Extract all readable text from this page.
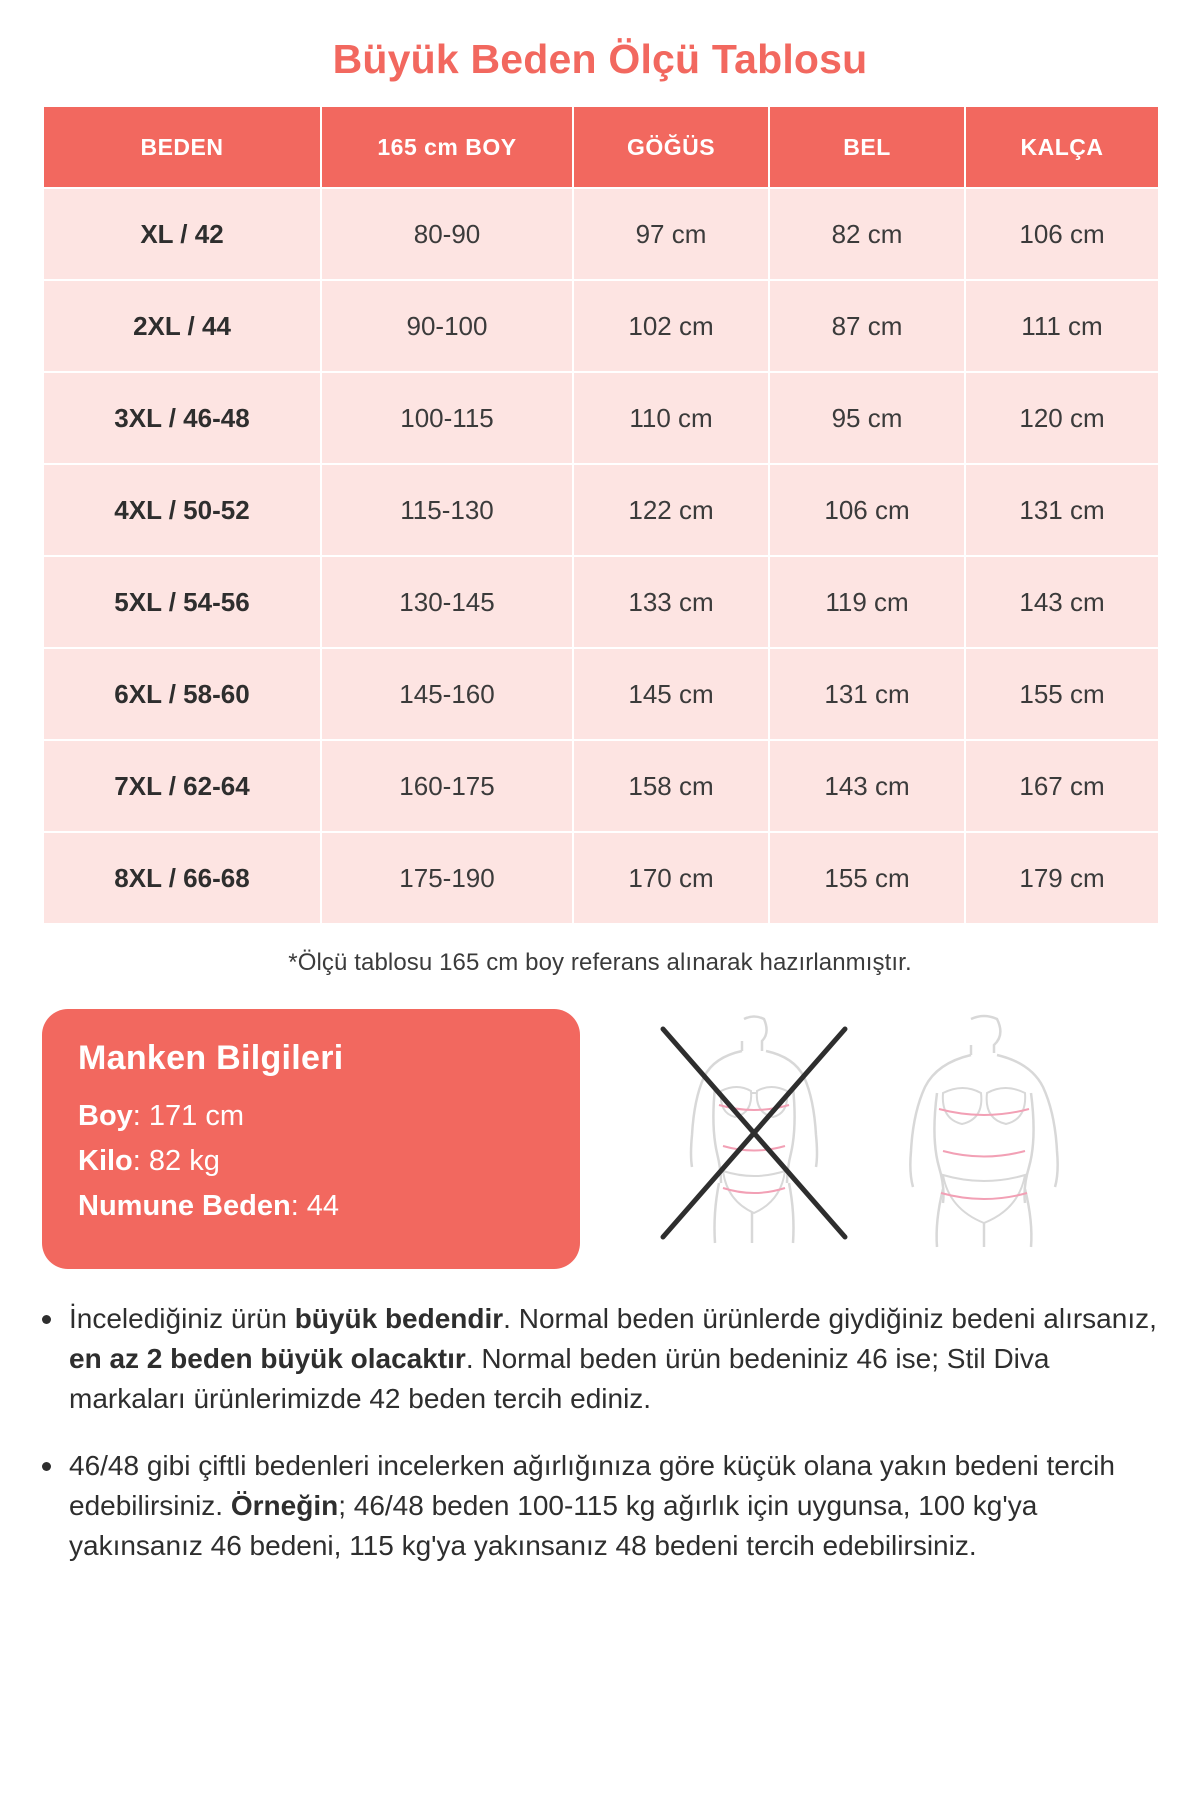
Büyük Beden Ölçü Tablosu
BEDEN	165 cm BOY	GÖĞÜS	BEL	KALÇA
XL / 42	80-90	97 cm	82 cm	106 cm
2XL / 44	90-100	102 cm	87 cm	111 cm
3XL / 46-48	100-115	110 cm	95 cm	120 cm
4XL / 50-52	115-130	122 cm	106 cm	131 cm
5XL / 54-56	130-145	133 cm	119 cm	143 cm
6XL / 58-60	145-160	145 cm	131 cm	155 cm
7XL / 62-64	160-175	158 cm	143 cm	167 cm
8XL / 66-68	175-190	170 cm	155 cm	179 cm
*Ölçü tablosu 165 cm boy referans alınarak hazırlanmıştır.
Manken Bilgileri
Boy: 171 cm
Kilo: 82 kg
Numune Beden: 44
İncelediğiniz ürün büyük bedendir. Normal beden ürünlerde giydiğiniz bedeni alırsanız, en az 2 beden büyük olacaktır. Normal beden ürün bedeniniz 46 ise; Stil Diva markaları ürünlerimizde 42 beden tercih ediniz.
46/48 gibi çiftli bedenleri incelerken ağırlığınıza göre küçük olana yakın bedeni tercih edebilirsiniz. Örneğin; 46/48 beden 100-115 kg ağırlık için uygunsa, 100 kg'ya yakınsanız 46 bedeni, 115 kg'ya yakınsanız 48 bedeni tercih edebilirsiniz.
